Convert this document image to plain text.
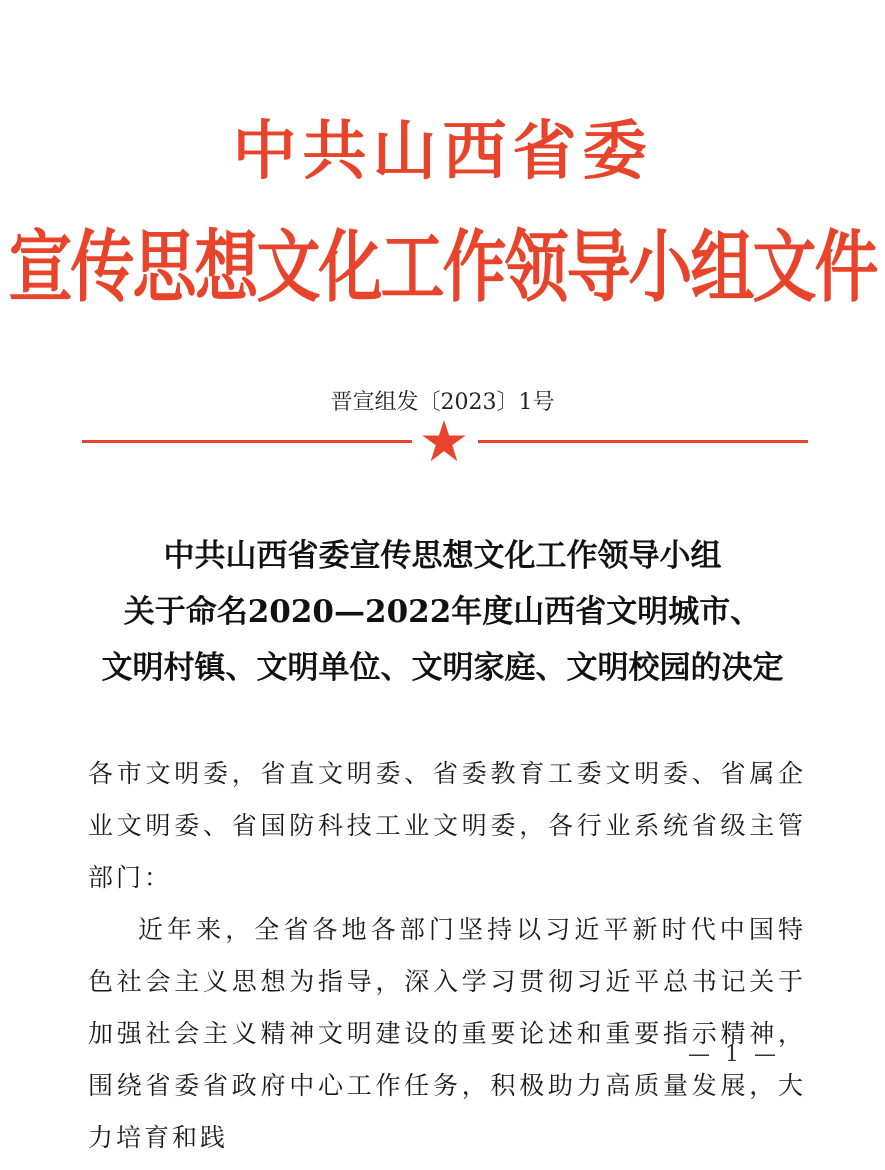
中共山西省委
宣传思想文化工作领导小组文件
晋宣组发〔2023〕1号
中共山西省委宣传思想文化工作领导小组
关于命名2020—2022年度山西省文明城市、
文明村镇、文明单位、文明家庭、文明校园的决定

各市文明委，省直文明委、省委教育工委文明委、省属企业文明委、省国防科技工业文明委，各行业系统省级主管部门：

近年来，全省各地各部门坚持以习近平新时代中国特色社会主义思想为指导，深入学习贯彻习近平总书记关于加强社会主义精神文明建设的重要论述和重要指示精神，围绕省委省政府中心工作任务，积极助力高质量发展，大力培育和践

— 1 —
